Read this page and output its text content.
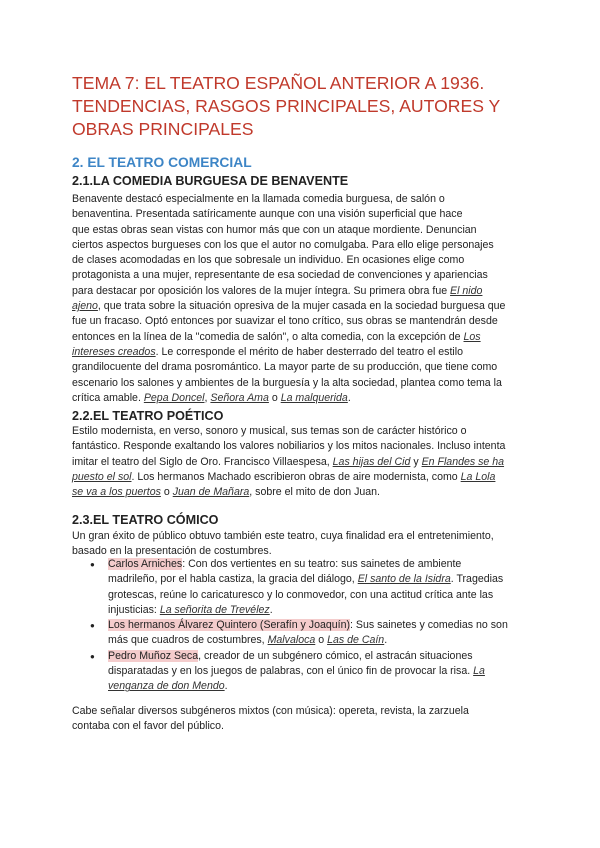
TEMA 7: EL TEATRO ESPAÑOL ANTERIOR A 1936.
TENDENCIAS, RASGOS PRINCIPALES, AUTORES Y
OBRAS PRINCIPALES
2. EL TEATRO COMERCIAL
2.1.LA COMEDIA BURGUESA DE BENAVENTE
Benavente destacó especialmente en la llamada comedia burguesa, de salón o
benaventina. Presentada satíricamente aunque con una visión superficial que hace
que estas obras sean vistas con humor más que con un ataque mordiente. Denuncian
ciertos aspectos burgueses con los que el autor no comulgaba. Para ello elige personajes
de clases acomodadas en los que sobresale un individuo. En ocasiones elige como
protagonista a una mujer, representante de esa sociedad de convenciones y apariencias
para destacar por oposición los valores de la mujer íntegra. Su primera obra fue El nido
ajeno, que trata sobre la situación opresiva de la mujer casada en la sociedad burguesa que
fue un fracaso. Optó entonces por suavizar el tono crítico, sus obras se mantendrán desde
entonces en la línea de la "comedia de salón", o alta comedia, con la excepción de Los
intereses creados. Le corresponde el mérito de haber desterrado del teatro el estilo
grandilocuente del drama posromántico. La mayor parte de su producción, que tiene como
escenario los salones y ambientes de la burguesía y la alta sociedad, plantea como tema la
crítica amable. Pepa Doncel, Señora Ama o La malquerida.
2.2.EL TEATRO POÉTICO
Estilo modernista, en verso, sonoro y musical, sus temas son de carácter histórico o
fantástico. Responde exaltando los valores nobiliarios y los mitos nacionales. Incluso intenta
imitar el teatro del Siglo de Oro. Francisco Villaespesa, Las hijas del Cid y En Flandes se ha
puesto el sol. Los hermanos Machado escribieron obras de aire modernista, como La Lola
se va a los puertos o Juan de Mañara, sobre el mito de don Juan.
2.3.EL TEATRO CÓMICO
Un gran éxito de público obtuvo también este teatro, cuya finalidad era el entretenimiento,
basado en la presentación de costumbres.
● Carlos Arniches: Con dos vertientes en su teatro: sus sainetes de ambiente
madrileño, por el habla castiza, la gracia del diálogo, El santo de la Isidra. Tragedias
grotescas, reúne lo caricaturesco y lo conmovedor, con una actitud crítica ante las
injusticias: La señorita de Trevélez.
● Los hermanos Álvarez Quintero (Serafín y Joaquín): Sus sainetes y comedias no son
más que cuadros de costumbres, Malvaloca o Las de Caín.
● Pedro Muñoz Seca, creador de un subgénero cómico, el astracán situaciones
disparatadas y en los juegos de palabras, con el único fin de provocar la risa. La
venganza de don Mendo.
Cabe señalar diversos subgéneros mixtos (con música): opereta, revista, la zarzuela
contaba con el favor del público.
